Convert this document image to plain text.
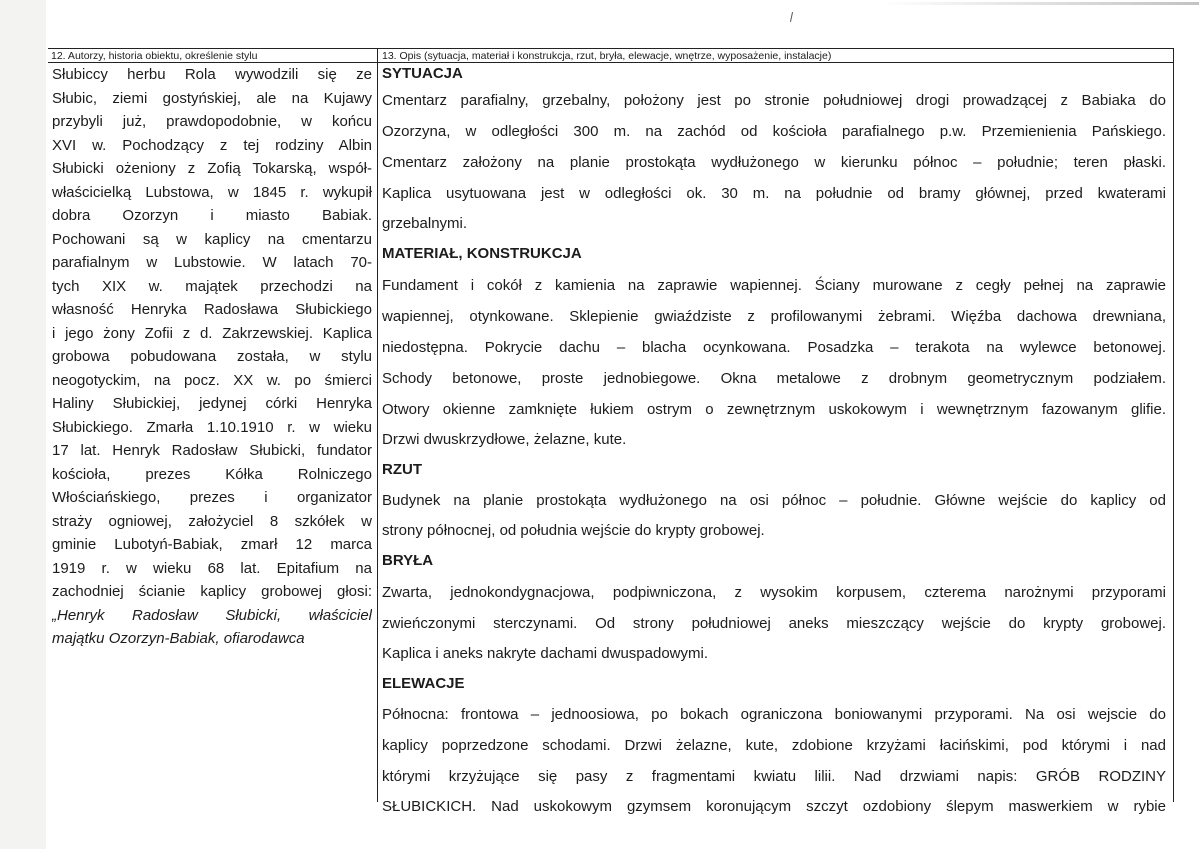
12. Autorzy, historia obiektu, określenie stylu	13. Opis (sytuacja, materiał i konstrukcja, rzut, bryła, elewacje, wnętrze, wyposażenie, instalacje)
Słubiccy herbu Rola wywodzili się ze
Słubic, ziemi gostyńskiej, ale na Kujawy
przybyli już, prawdopodobnie, w końcu
XVI w. Pochodzący z tej rodziny Albin
Słubicki ożeniony z Zofią Tokarską, współ-
właścicielką Lubstowa, w 1845 r. wykupił
dobra Ozorzyn i miasto Babiak.
Pochowani są w kaplicy na cmentarzu
parafialnym w Lubstowie. W latach 70-
tych XIX w. majątek przechodzi na
własność Henryka Radosława Słubickiego
i jego żony Zofii z d. Zakrzewskiej. Kaplica
grobowa pobudowana została, w stylu
neogotyckim, na pocz. XX w. po śmierci
Haliny Słubickiej, jedynej córki Henryka
Słubickiego. Zmarła 1.10.1910 r. w wieku
17 lat. Henryk Radosław Słubicki, fundator
kościoła, prezes Kółka Rolniczego
Włościańskiego, prezes i organizator
straży ogniowej, założyciel 8 szkółek w
gminie Lubotyń-Babiak, zmarł 12 marca
1919 r. w wieku 68 lat. Epitafium na
zachodniej ścianie kaplicy grobowej głosi:
„Henryk Radosław Słubicki, właściciel
majątku Ozorzyn-Babiak, ofiarodawca
SYTUACJA
Cmentarz parafialny, grzebalny, położony jest po stronie południowej drogi prowadzącej z Babiaka do
Ozorzyna, w odległości 300 m. na zachód od kościoła parafialnego p.w. Przemienienia Pańskiego.
Cmentarz założony na planie prostokąta wydłużonego w kierunku północ – południe; teren płaski.
Kaplica usytuowana jest w odległości ok. 30 m. na południe od bramy głównej, przed kwaterami
grzebalnymi.
MATERIAŁ, KONSTRUKCJA
Fundament i cokół z kamienia na zaprawie wapiennej. Ściany murowane z cegły pełnej na zaprawie
wapiennej, otynkowane. Sklepienie gwiaździste z profilowanymi żebrami. Więźba dachowa drewniana,
niedostępna. Pokrycie dachu – blacha ocynkowana. Posadzka – terakota na wylewce betonowej.
Schody betonowe, proste jednobiegowe. Okna metalowe z drobnym geometrycznym podziałem.
Otwory okienne zamknięte łukiem ostrym o zewnętrznym uskokowym i wewnętrznym fazowanym glifie.
Drzwi dwuskrzydłowe, żelazne, kute.
RZUT
Budynek na planie prostokąta wydłużonego na osi północ – południe. Główne wejście do kaplicy od
strony północnej, od południa wejście do krypty grobowej.
BRYŁA
Zwarta, jednokondygnacjowa, podpiwniczona, z wysokim korpusem, czterema narożnymi przyporami
zwieńczonymi sterczynami. Od strony południowej aneks mieszczący wejście do krypty grobowej.
Kaplica i aneks nakryte dachami dwuspadowymi.
ELEWACJE
Północna: frontowa – jednoosiowa, po bokach ograniczona boniowanymi przyporami. Na osi wejscie do
kaplicy poprzedzone schodami. Drzwi żelazne, kute, zdobione krzyżami łacińskimi, pod którymi i nad
którymi krzyżujące się pasy z fragmentami kwiatu lilii. Nad drzwiami napis: GRÓB RODZINY
SŁUBICKICH. Nad uskokowym gzymsem koronującym szczyt ozdobiony ślepym maswerkiem w rybie
